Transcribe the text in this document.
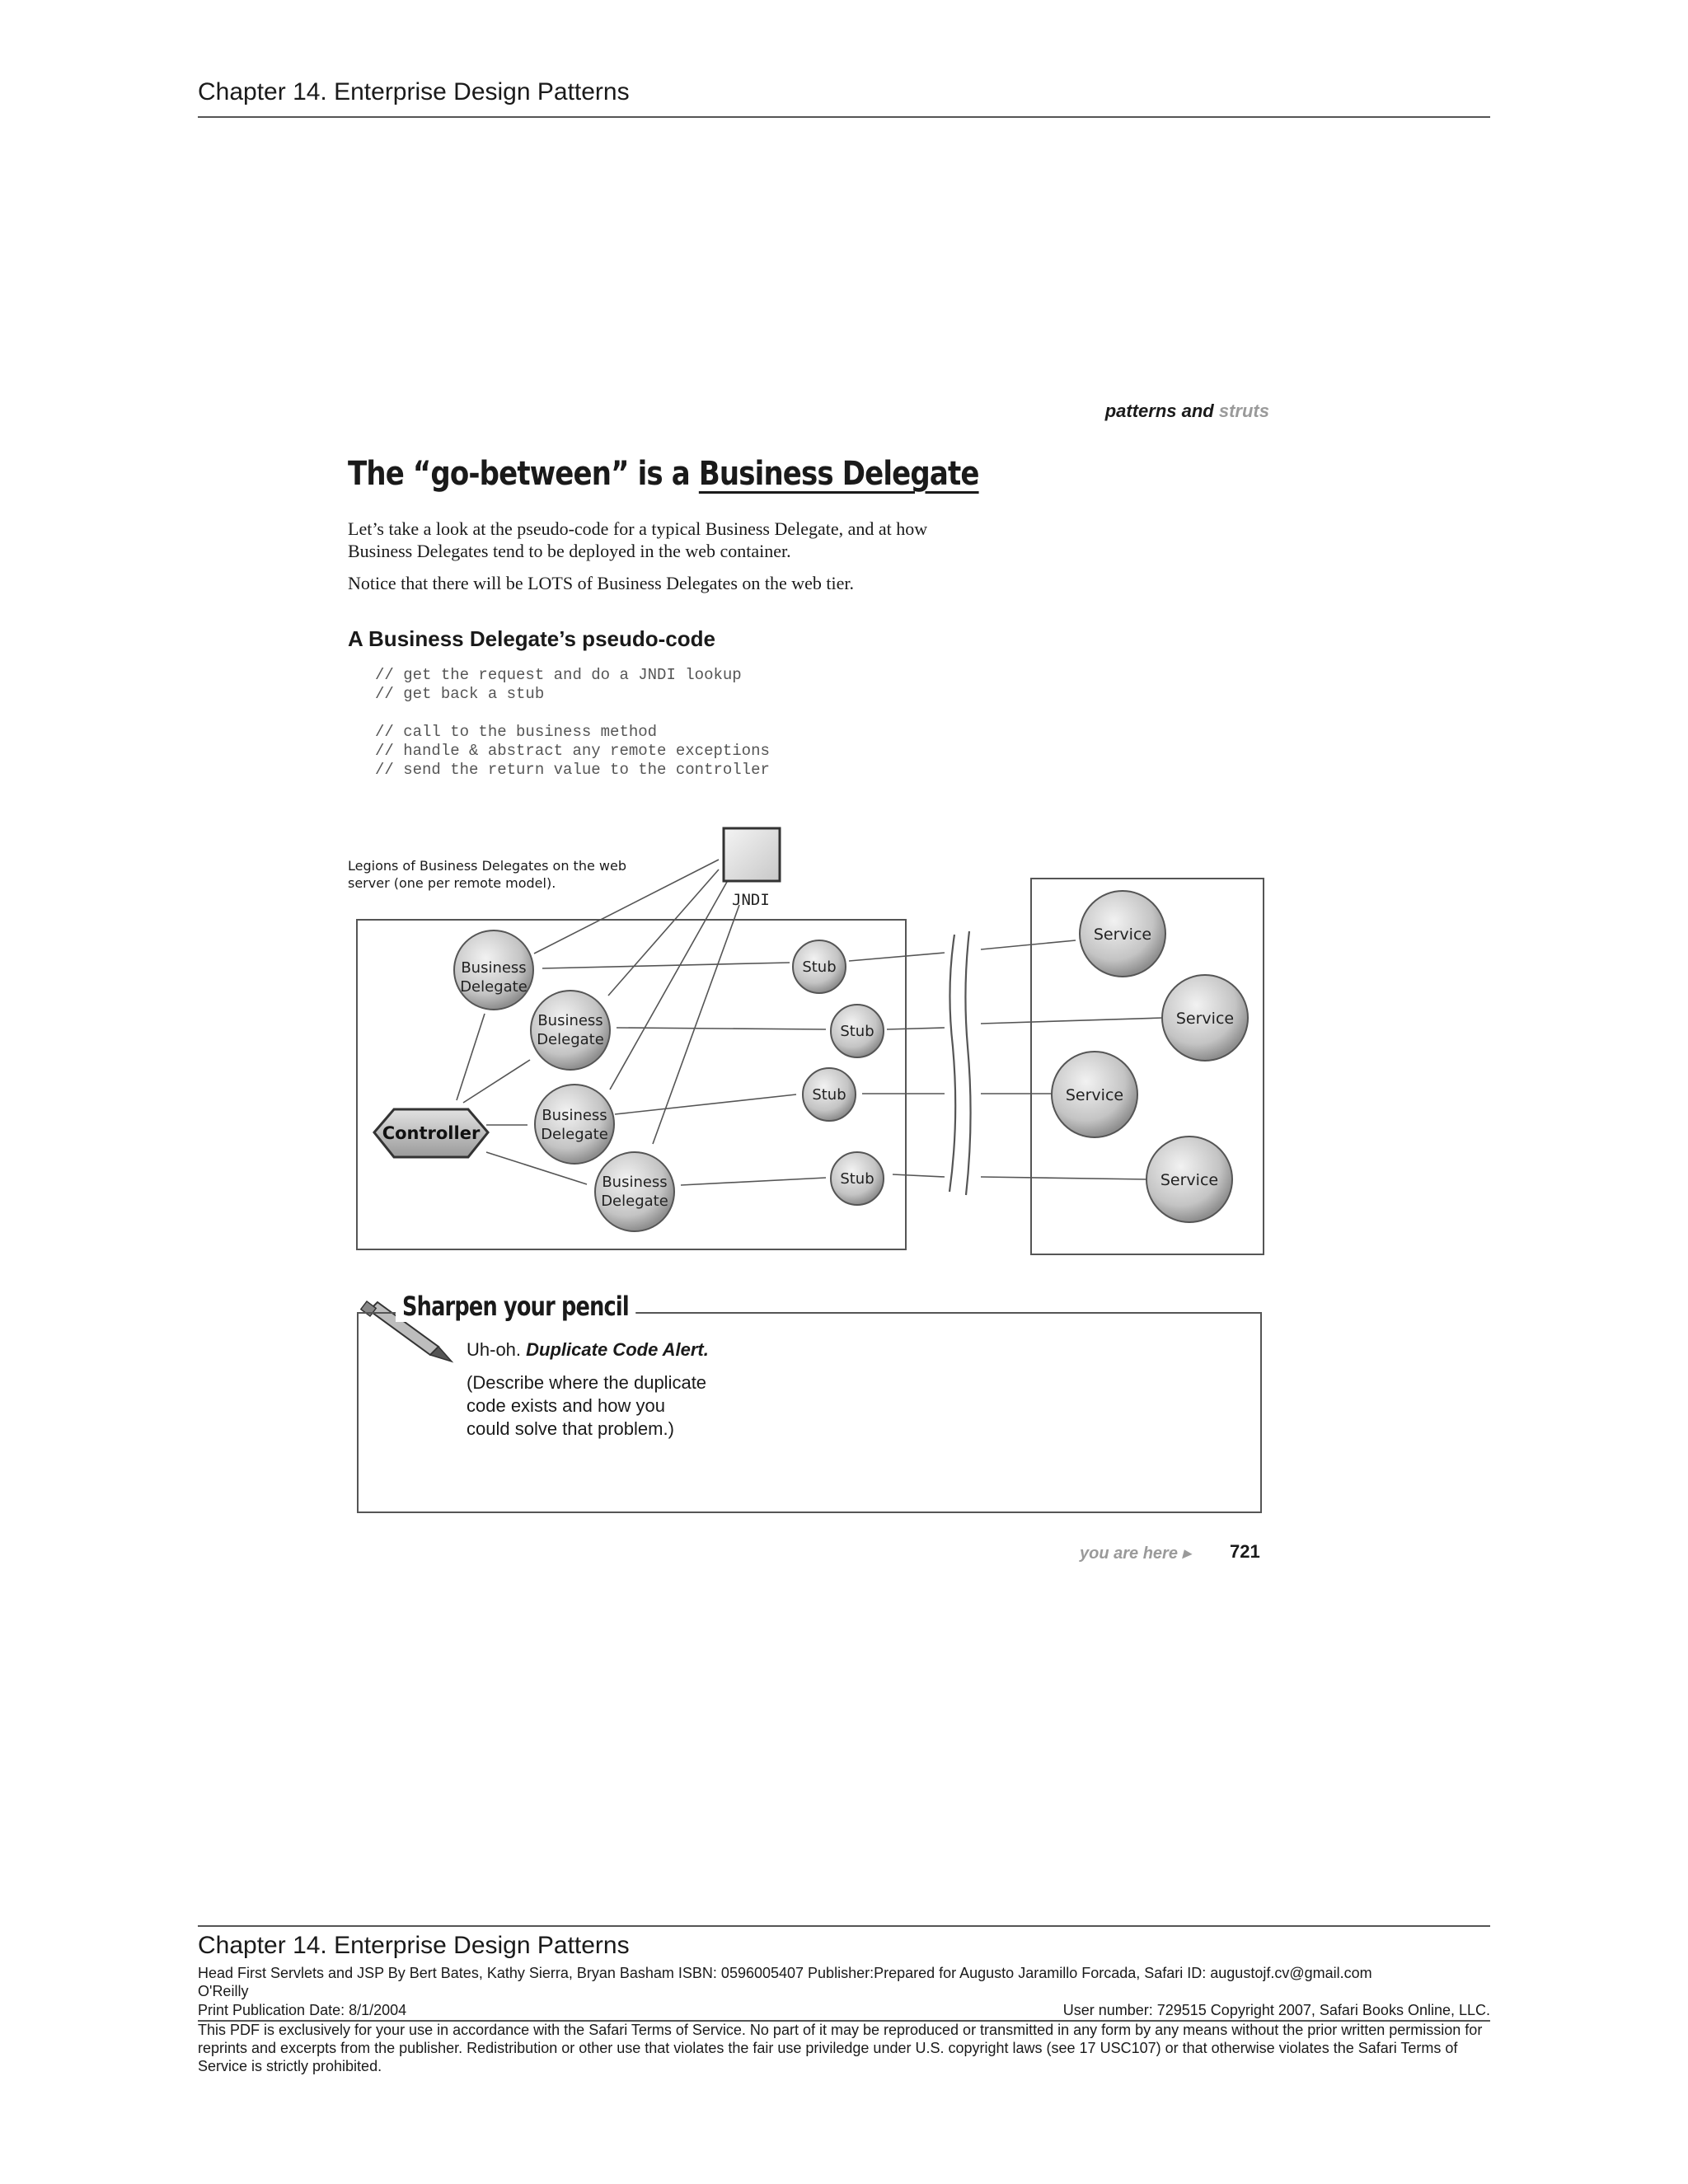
Chapter 14. Enterprise Design Patterns
patterns and struts
The “go-between” is a Business Delegate
Let’s take a look at the pseudo-code for a typical Business Delegate, and at how Business Delegates tend to be deployed in the web container.
Notice that there will be LOTS of Business Delegates on the web tier.
A Business Delegate’s pseudo-code
// get the request and do a JNDI lookup
// get back a stub

// call to the business method
// handle & abstract any remote exceptions
// send the return value to the controller
Legions of Business Delegates on the web server (one per remote model).
JNDI
Business
Delegate
Business
Delegate
Business
Delegate
Business
Delegate
Controller
Stub
Stub
Stub
Stub
Service
Service
Service
Service
Sharpen your pencil
Uh-oh. Duplicate Code Alert.
(Describe where the duplicate
code exists and how you
could solve that problem.)
you are here ▸ 721
Chapter 14. Enterprise Design Patterns
Head First Servlets and JSP By Bert Bates, Kathy Sierra, Bryan Basham ISBN: 0596005407 Publisher:Prepared for Augusto Jaramillo Forcada, Safari ID: augustojf.cv@gmail.com
O'Reilly
Print Publication Date: 8/1/2004	User number: 729515 Copyright 2007, Safari Books Online, LLC.
This PDF is exclusively for your use in accordance with the Safari Terms of Service. No part of it may be reproduced or transmitted in any form by any means without the prior written permission for reprints and excerpts from the publisher. Redistribution or other use that violates the fair use priviledge under U.S. copyright laws (see 17 USC107) or that otherwise violates the Safari Terms of Service is strictly prohibited.
